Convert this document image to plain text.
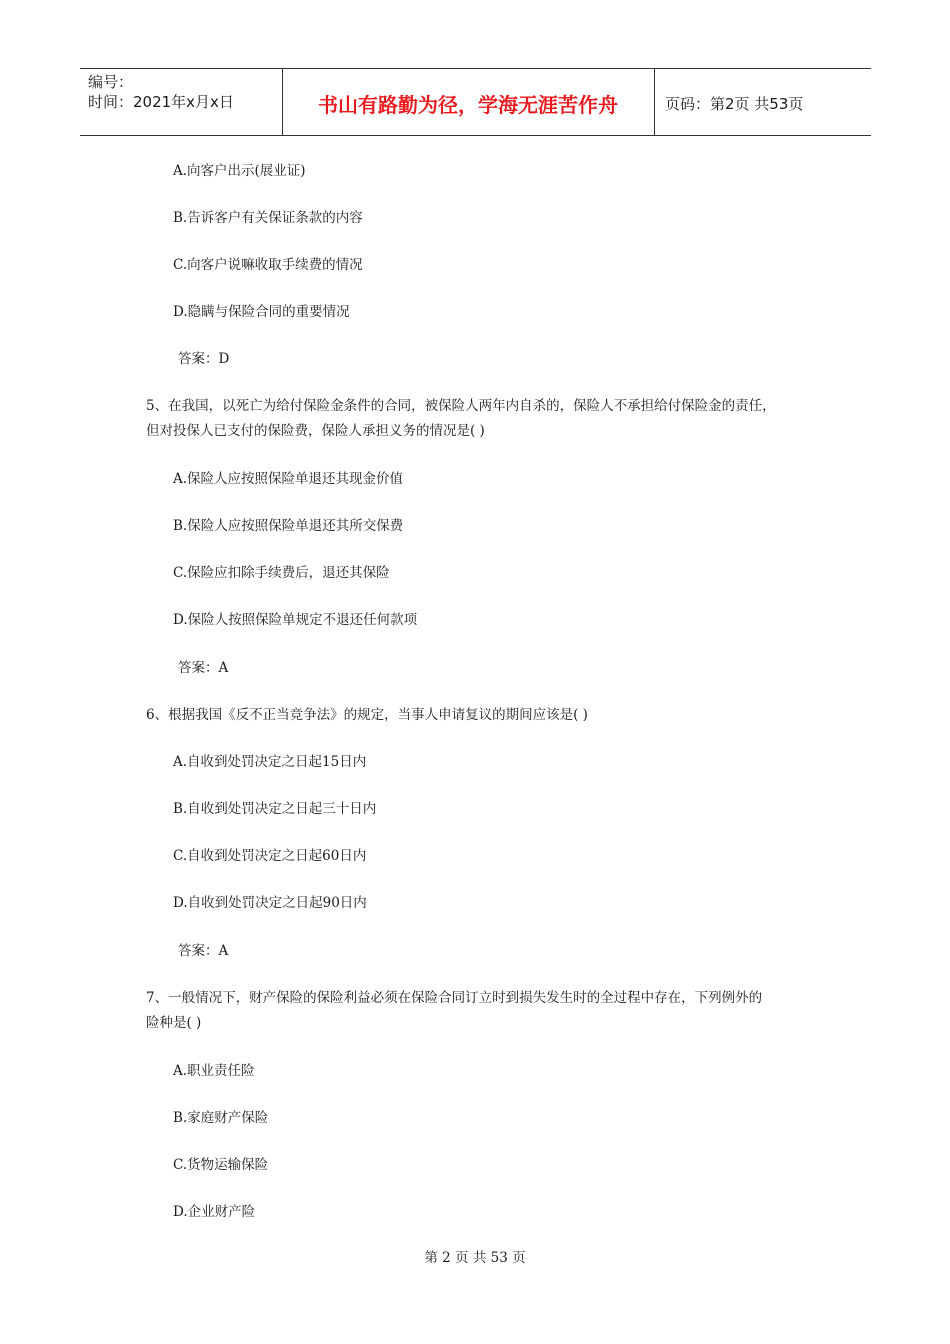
编号：
时间：2021年x月x日	书山有路勤为径，学海无涯苦作舟	页码：第2页 共53页
A.向客户出示(展业证)
B.告诉客户有关保证条款的内容
C.向客户说嘛收取手续费的情况
D.隐瞒与保险合同的重要情况
答案：D
5、在我国，以死亡为给付保险金条件的合同，被保险人两年内自杀的，保险人不承担给付保险金的责任，
但对投保人已支付的保险费，保险人承担义务的情况是( )
A.保险人应按照保险单退还其现金价值
B.保险人应按照保险单退还其所交保费
C.保险应扣除手续费后，退还其保险
D.保险人按照保险单规定不退还任何款项
答案：A
6、根据我国《反不正当竞争法》的规定，当事人申请复议的期间应该是( )
A.自收到处罚决定之日起15日内
B.自收到处罚决定之日起三十日内
C.自收到处罚决定之日起60日内
D.自收到处罚决定之日起90日内
答案：A
7、一般情况下，财产保险的保险利益必须在保险合同订立时到损失发生时的全过程中存在，下列例外的
险种是( )
A.职业责任险
B.家庭财产保险
C.货物运输保险
D.企业财产险
第 2 页 共 53 页
